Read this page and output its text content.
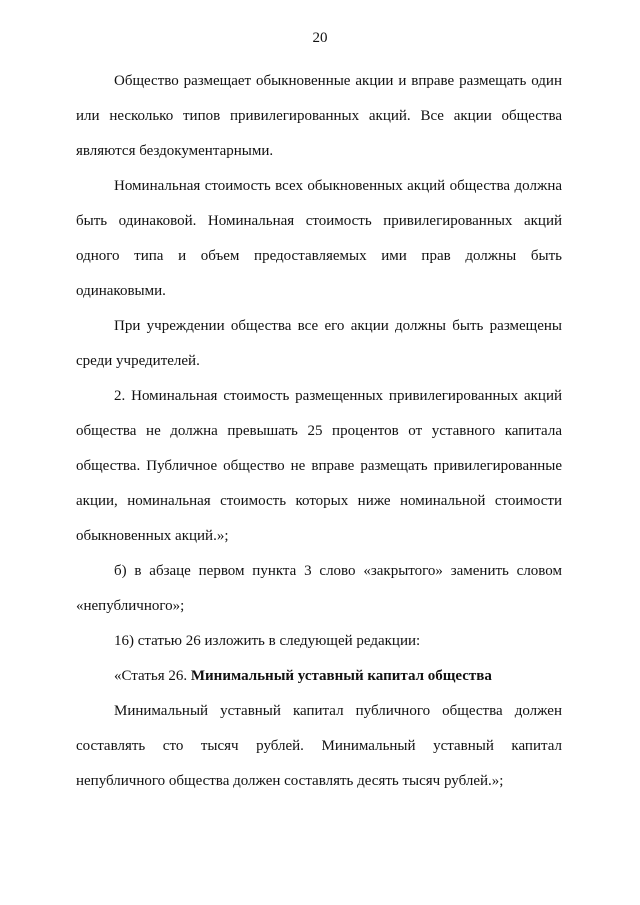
20

Общество размещает обыкновенные акции и вправе размещать один или несколько типов привилегированных акций. Все акции общества являются бездокументарными.

Номинальная стоимость всех обыкновенных акций общества должна быть одинаковой. Номинальная стоимость привилегированных акций одного типа и объем предоставляемых ими прав должны быть одинаковыми.

При учреждении общества все его акции должны быть размещены среди учредителей.

2. Номинальная стоимость размещенных привилегированных акций общества не должна превышать 25 процентов от уставного капитала общества. Публичное общество не вправе размещать привилегированные акции, номинальная стоимость которых ниже номинальной стоимости обыкновенных акций.»;

б) в абзаце первом пункта 3 слово «закрытого» заменить словом «непубличного»;

16) статью 26 изложить в следующей редакции:

«Статья 26. Минимальный уставный капитал общества

Минимальный уставный капитал публичного общества должен составлять сто тысяч рублей. Минимальный уставный капитал непубличного общества должен составлять десять тысяч рублей.»;
